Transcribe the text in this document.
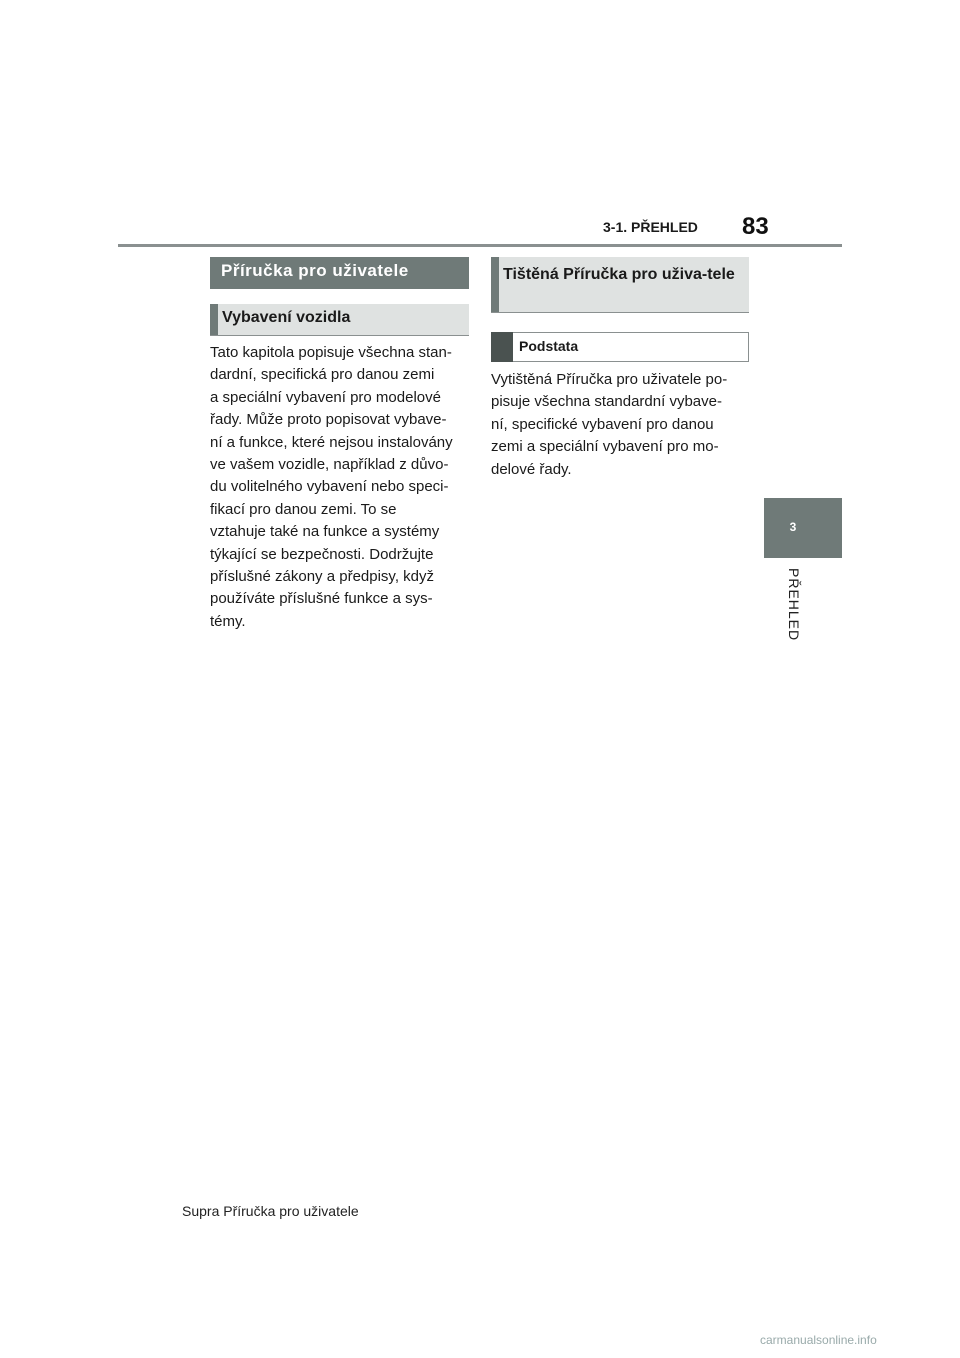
3-1. PŘEHLED 83
3
PŘEHLED
Příručka pro uživatele
Vybavení vozidla

Tato kapitola popisuje všechna stan-

dardní, specifická pro danou zemi

a speciální vybavení pro modelové

řady. Může proto popisovat vybave-

ní a funkce, které nejsou instalovány

ve vašem vozidle, například z důvo-

du volitelného vybavení nebo speci-

fikací pro danou zemi. To se

vztahuje také na funkce a systémy

týkající se bezpečnosti. Dodržujte

příslušné zákony a předpisy, když

používáte příslušné funkce a sys-

témy.

Tištěná Příručka pro uživa-tele
Podstata

Vytištěná Příručka pro uživatele po-

pisuje všechna standardní vybave-

ní, specifické vybavení pro danou

zemi a speciální vybavení pro mo-

delové řady.

Supra Příručka pro uživatele
carmanualsonline.info
